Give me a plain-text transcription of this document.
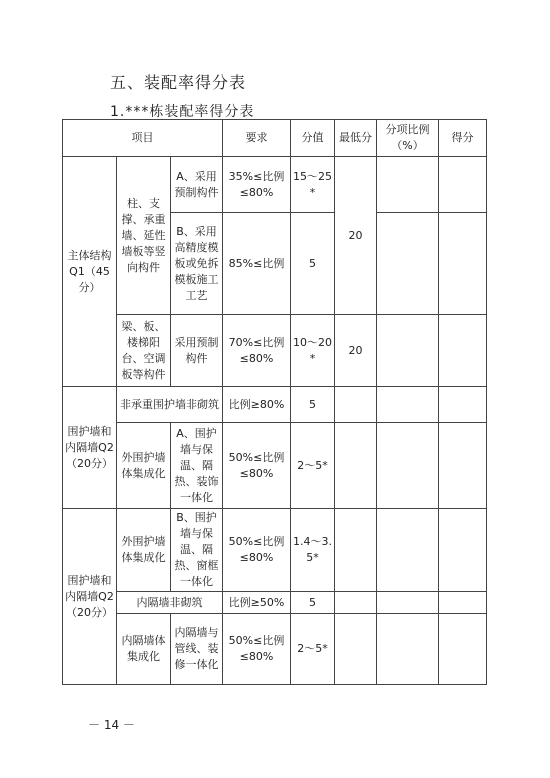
五、装配率得分表
1.***栋装配率得分表
项目			要求	分值	最低分	分项比例（%）	得分
主体结构Q1（45分）	柱、支撑、承重墙、延性墙板等竖向构件	A、采用预制构件	35%≤比例≤80%	15～25*	20		
		B、采用高精度模板或免拆模板施工工艺	85%≤比例	5			
	梁、板、楼梯阳台、空调板等构件	采用预制构件	70%≤比例≤80%	10～20*	20		
围护墙和内隔墙Q2（20分）	非承重围护墙非砌筑		比例≥80%	5			
	外围护墙体集成化	A、围护墙与保温、隔热、装饰一体化	50%≤比例≤80%	2～5*			
围护墙和内隔墙Q2（20分）	外围护墙体集成化	B、围护墙与保温、隔热、窗框一体化	50%≤比例≤80%	1.4～3.5*			
	内隔墙非砌筑		比例≥50%	5			
	内隔墙体集成化	内隔墙与管线、装修一体化	50%≤比例≤80%	2～5*			
－ 14 －
